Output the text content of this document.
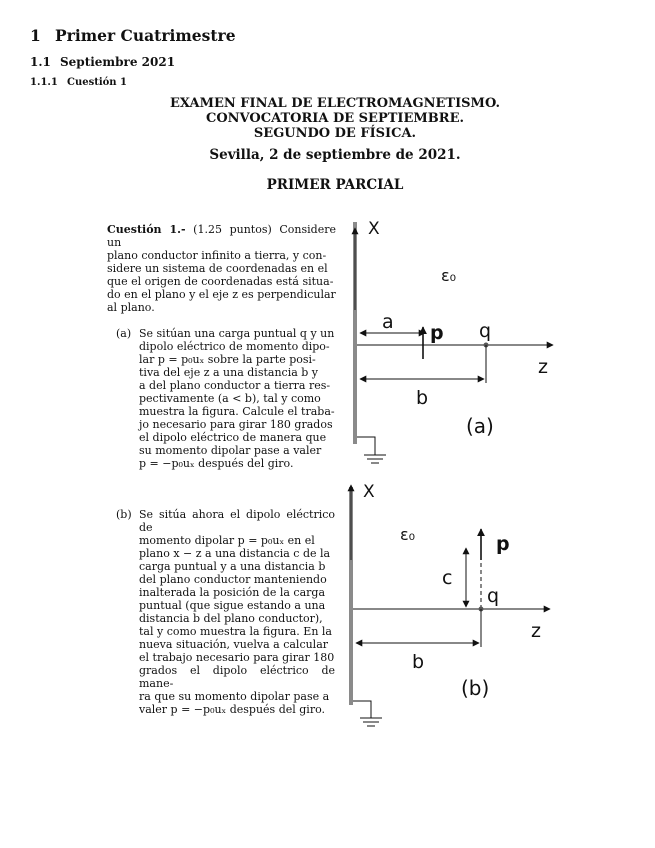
1 Primer Cuatrimestre
1.1 Septiembre 2021
1.1.1 Cuestión 1
EXAMEN FINAL DE ELECTROMAGNETISMO.
CONVOCATORIA DE SEPTIEMBRE.
SEGUNDO DE FÍSICA.
Sevilla, 2 de septiembre de 2021.
PRIMER PARCIAL
Cuestión 1.- (1.25 puntos) Considere un
plano conductor infinito a tierra, y con-
sidere un sistema de coordenadas en el
que el origen de coordenadas está situa-
do en el plano y el eje z es perpendicular
al plano.
(a) Se sitúan una carga puntual q y un
dipolo eléctrico de momento dipo-
lar p = p₀uₓ sobre la parte posi-
tiva del eje z a una distancia b y
a del plano conductor a tierra res-
pectivamente (a < b), tal y como
muestra la figura. Calcule el traba-
jo necesario para girar 180 grados
el dipolo eléctrico de manera que
su momento dipolar pase a valer
p = −p₀uₓ después del giro.
(b) Se sitúa ahora el dipolo eléctrico de
momento dipolar p = p₀uₓ en el
plano x − z a una distancia c de la
carga puntual y a una distancia b
del plano conductor manteniendo
inalterada la posición de la carga
puntual (que sigue estando a una
distancia b del plano conductor),
tal y como muestra la figura. En la
nueva situación, vuelva a calcular
el trabajo necesario para girar 180
grados el dipolo eléctrico de mane-
ra que su momento dipolar pase a
valer p = −p₀uₓ después del giro.
X
ε₀
a p q
z
b
(a)
X
ε₀	p
c
q
z
b
(b)
